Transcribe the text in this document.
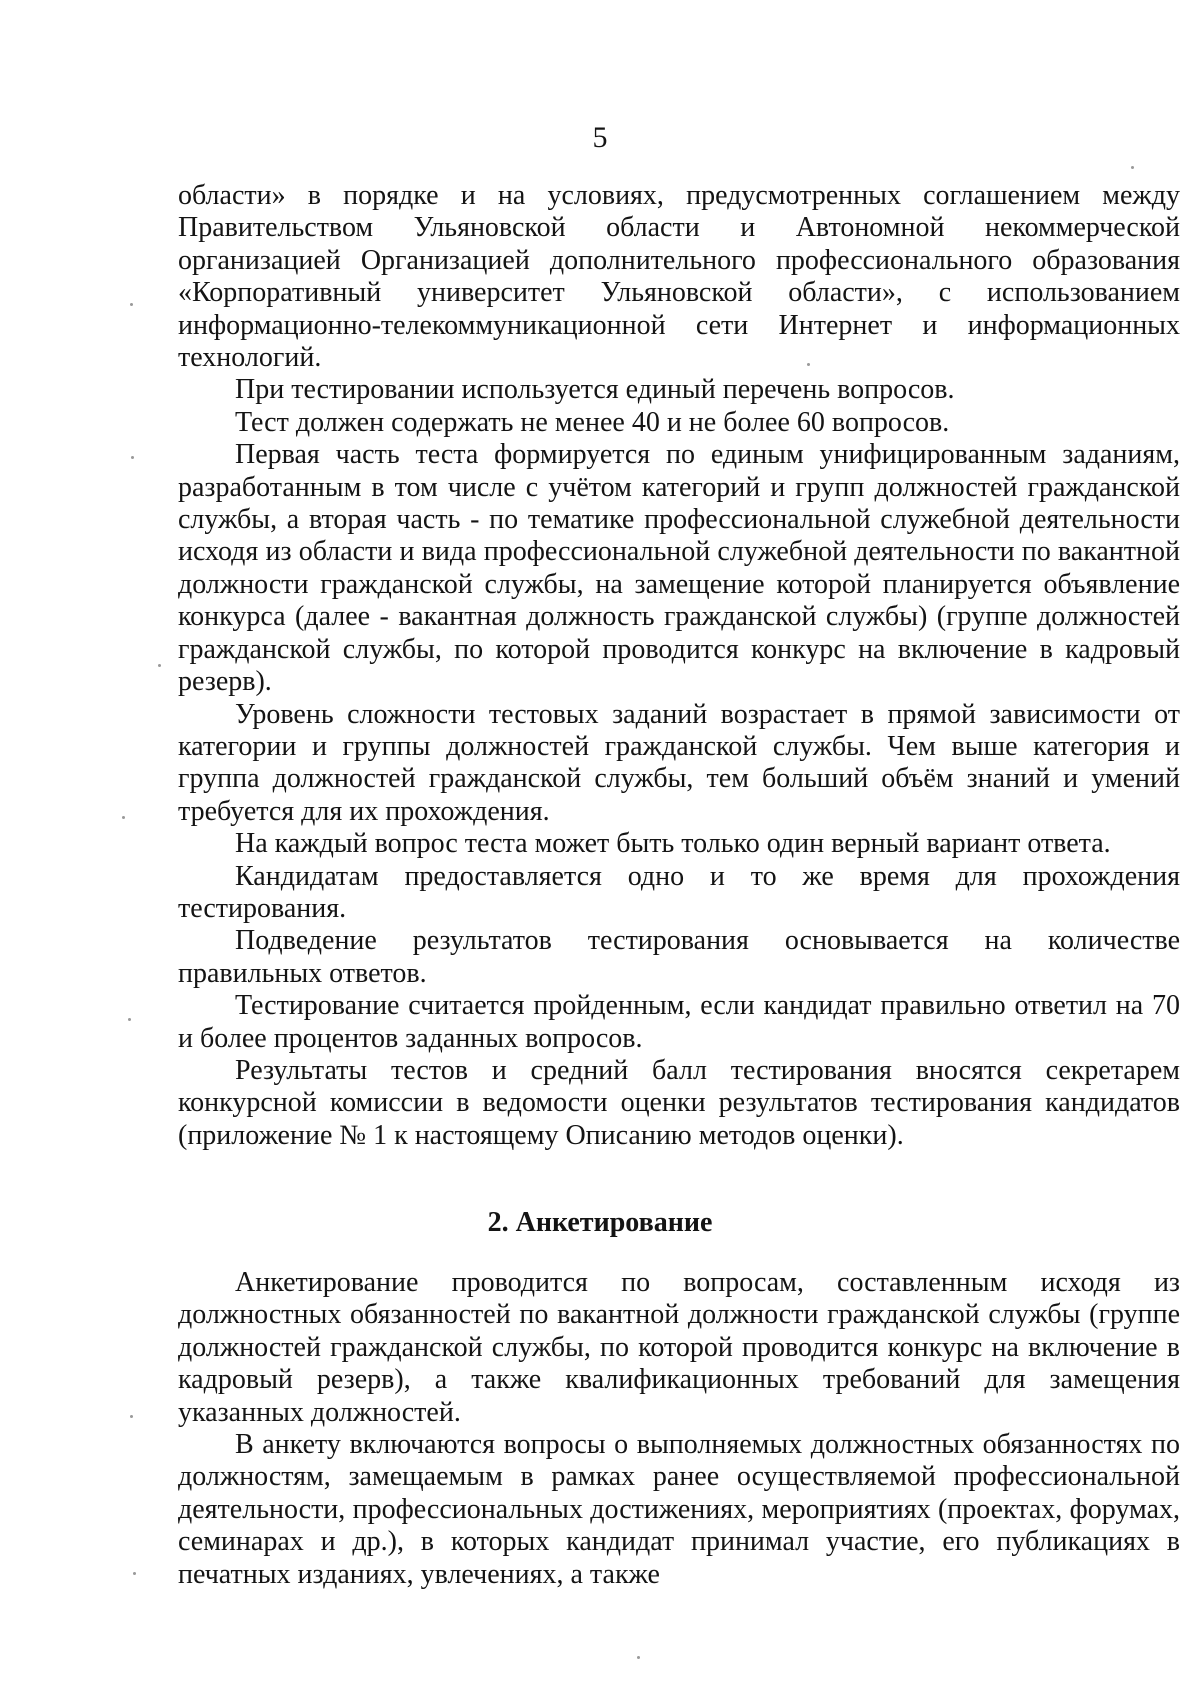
5

области» в порядке и на условиях, предусмотренных соглашением между Правительством Ульяновской области и Автономной некоммерческой организацией Организацией дополнительного профессионального образования «Корпоративный университет Ульяновской области», с использованием информационно-телекоммуникационной сети Интернет и информационных технологий.

При тестировании используется единый перечень вопросов.

Тест должен содержать не менее 40 и не более 60 вопросов.

Первая часть теста формируется по единым унифицированным заданиям, разработанным в том числе с учётом категорий и групп должностей гражданской службы, а вторая часть - по тематике профессиональной служебной деятельности исходя из области и вида профессиональной служебной деятельности по вакантной должности гражданской службы, на замещение которой планируется объявление конкурса (далее - вакантная должность гражданской службы) (группе должностей гражданской службы, по которой проводится конкурс на включение в кадровый резерв).

Уровень сложности тестовых заданий возрастает в прямой зависимости от категории и группы должностей гражданской службы. Чем выше категория и группа должностей гражданской службы, тем больший объём знаний и умений требуется для их прохождения.

На каждый вопрос теста может быть только один верный вариант ответа.

Кандидатам предоставляется одно и то же время для прохождения тестирования.

Подведение результатов тестирования основывается на количестве правильных ответов.

Тестирование считается пройденным, если кандидат правильно ответил на 70 и более процентов заданных вопросов.

Результаты тестов и средний балл тестирования вносятся секретарем конкурсной комиссии в ведомости оценки результатов тестирования кандидатов (приложение № 1 к настоящему Описанию методов оценки).

2. Анкетирование

Анкетирование проводится по вопросам, составленным исходя из должностных обязанностей по вакантной должности гражданской службы (группе должностей гражданской службы, по которой проводится конкурс на включение в кадровый резерв), а также квалификационных требований для замещения указанных должностей.

В анкету включаются вопросы о выполняемых должностных обязанностях по должностям, замещаемым в рамках ранее осуществляемой профессиональной деятельности, профессиональных достижениях, мероприятиях (проектах, форумах, семинарах и др.), в которых кандидат принимал участие, его публикациях в печатных изданиях, увлечениях, а также
